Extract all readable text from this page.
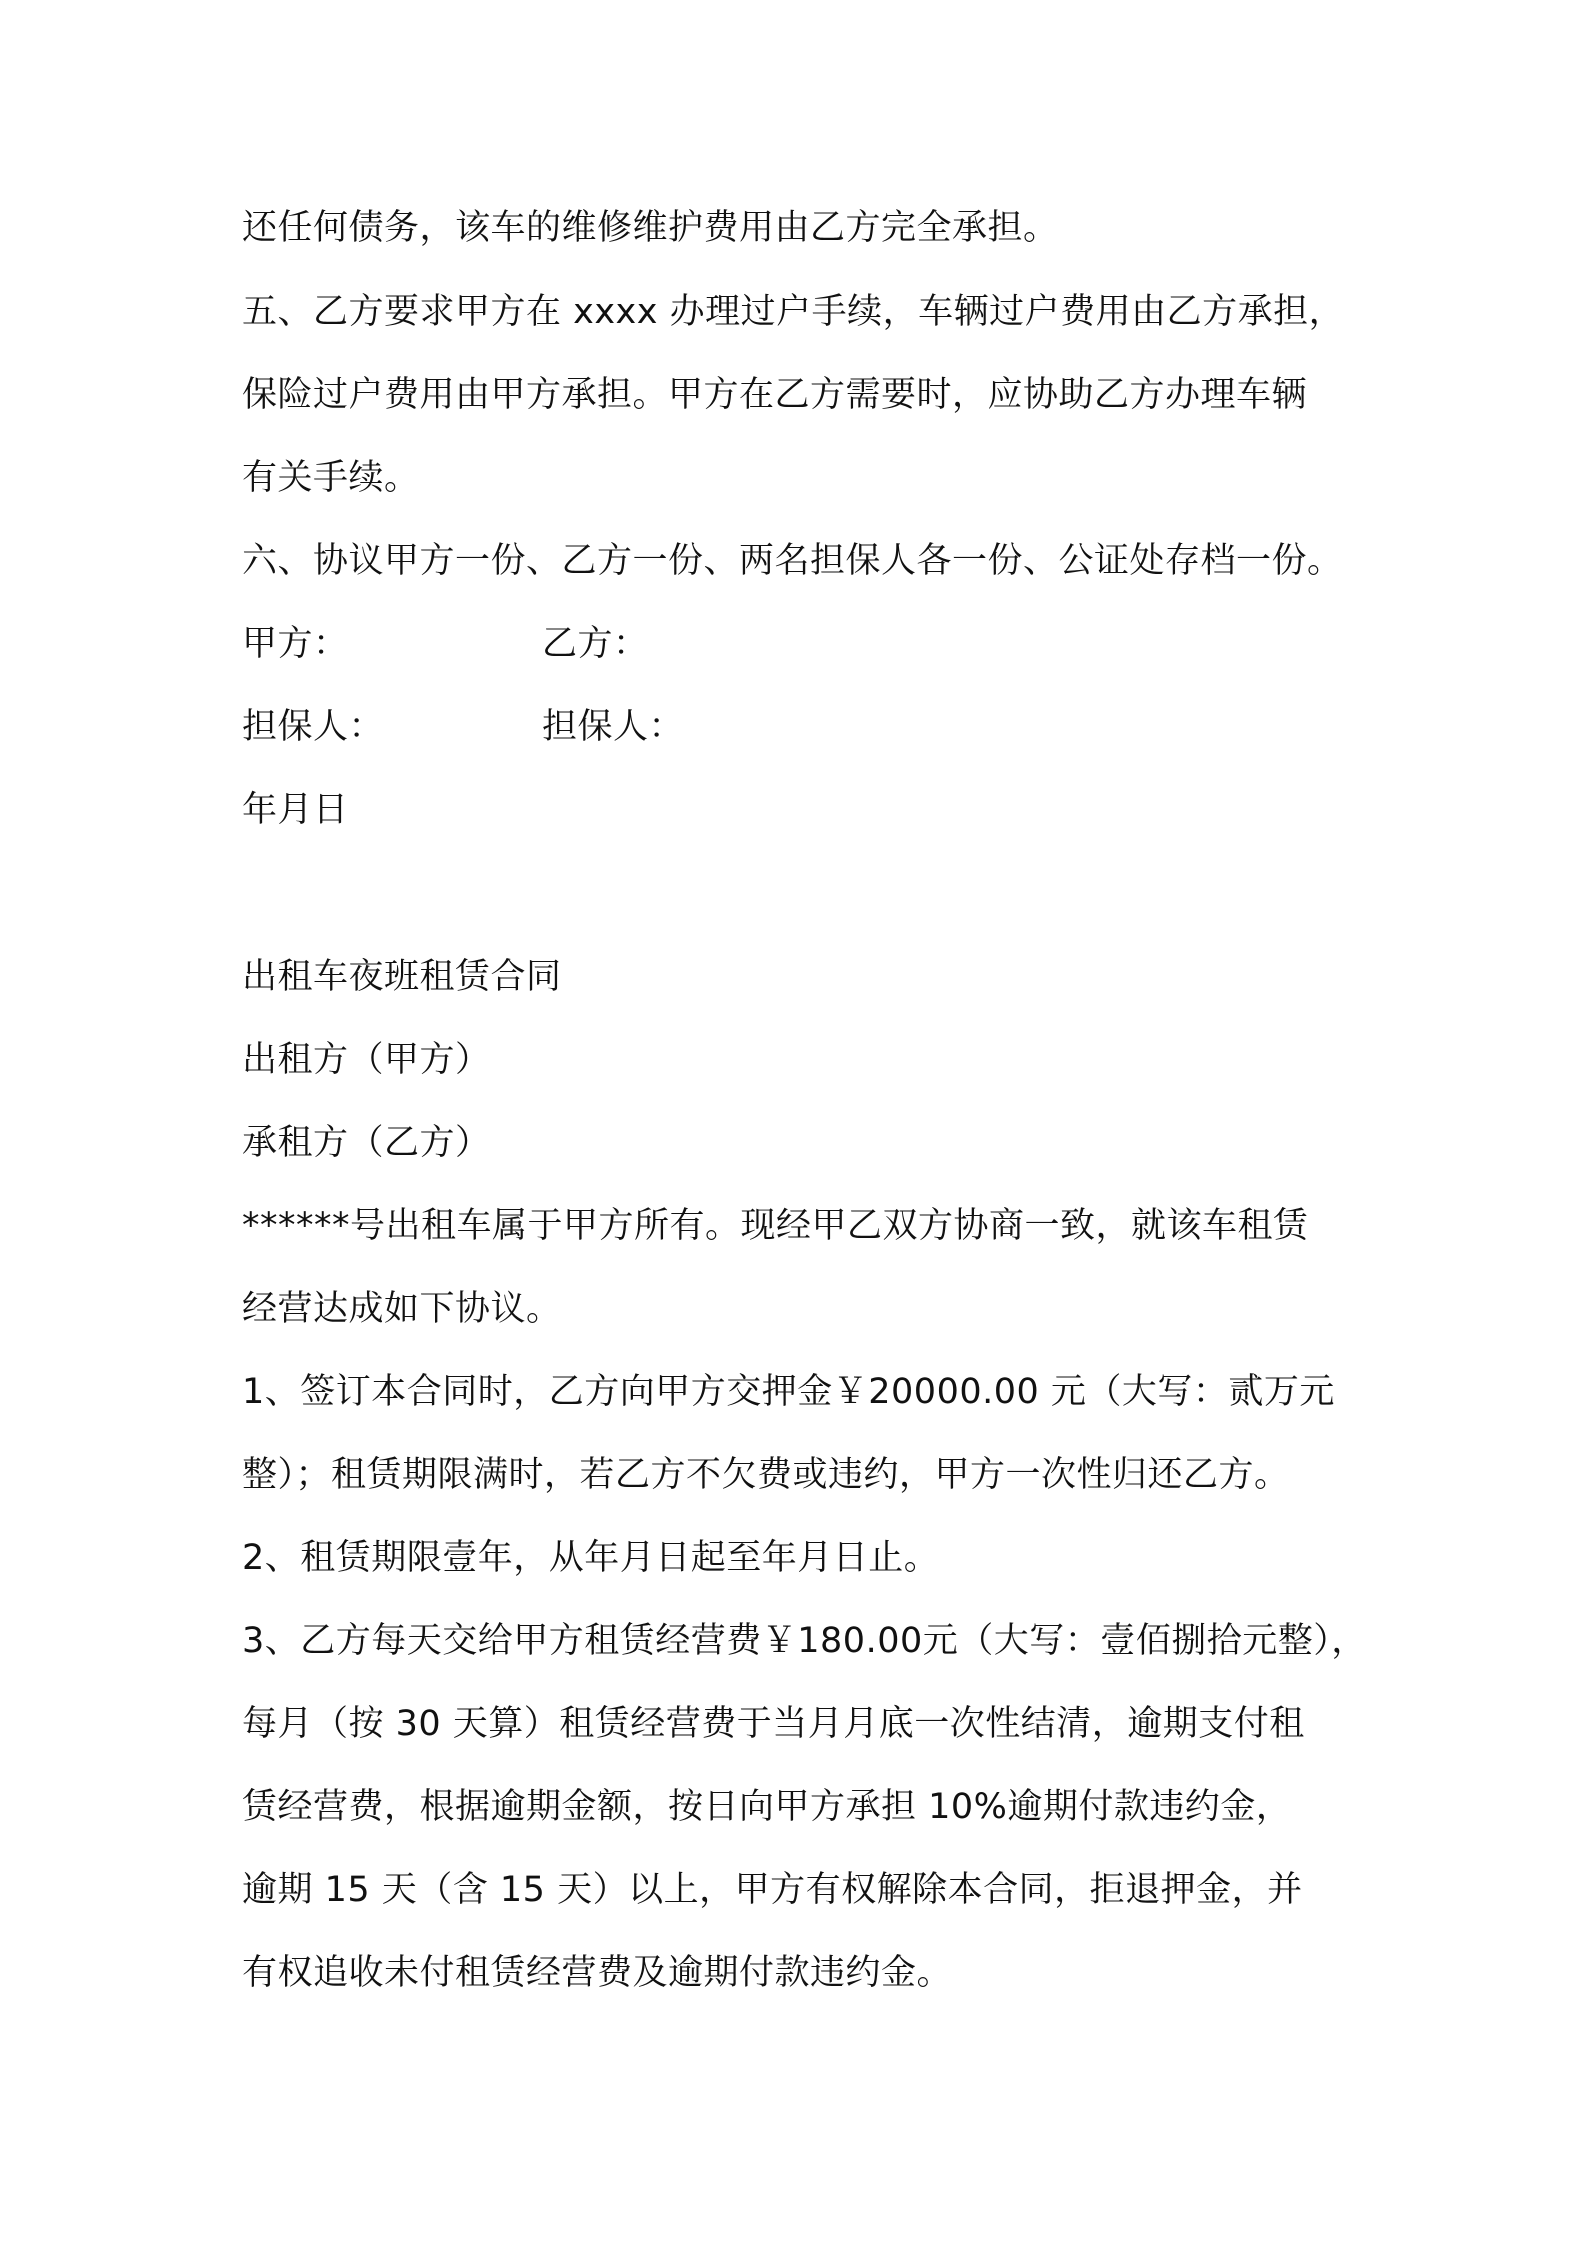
还任何债务，该车的维修维护费用由乙方完全承担。
五、乙方要求甲方在 xxxx 办理过户手续，车辆过户费用由乙方承担，
保险过户费用由甲方承担。甲方在乙方需要时，应协助乙方办理车辆
有关手续。
六、协议甲方一份、乙方一份、两名担保人各一份、公证处存档一份。
甲方：	乙方：
担保人：	担保人：
年月日
出租车夜班租赁合同
出租方（甲方）
承租方（乙方）
******号出租车属于甲方所有。现经甲乙双方协商一致，就该车租赁
经营达成如下协议。
1、签订本合同时，乙方向甲方交押金￥20000.00 元（大写：贰万元
整）；租赁期限满时，若乙方不欠费或违约，甲方一次性归还乙方。
2、租赁期限壹年，从年月日起至年月日止。
3、乙方每天交给甲方租赁经营费￥180.00元（大写：壹佰捌拾元整），
每月（按 30 天算）租赁经营费于当月月底一次性结清，逾期支付租
赁经营费，根据逾期金额，按日向甲方承担 10%逾期付款违约金，
逾期 15 天（含 15 天）以上，甲方有权解除本合同，拒退押金，并
有权追收未付租赁经营费及逾期付款违约金。
